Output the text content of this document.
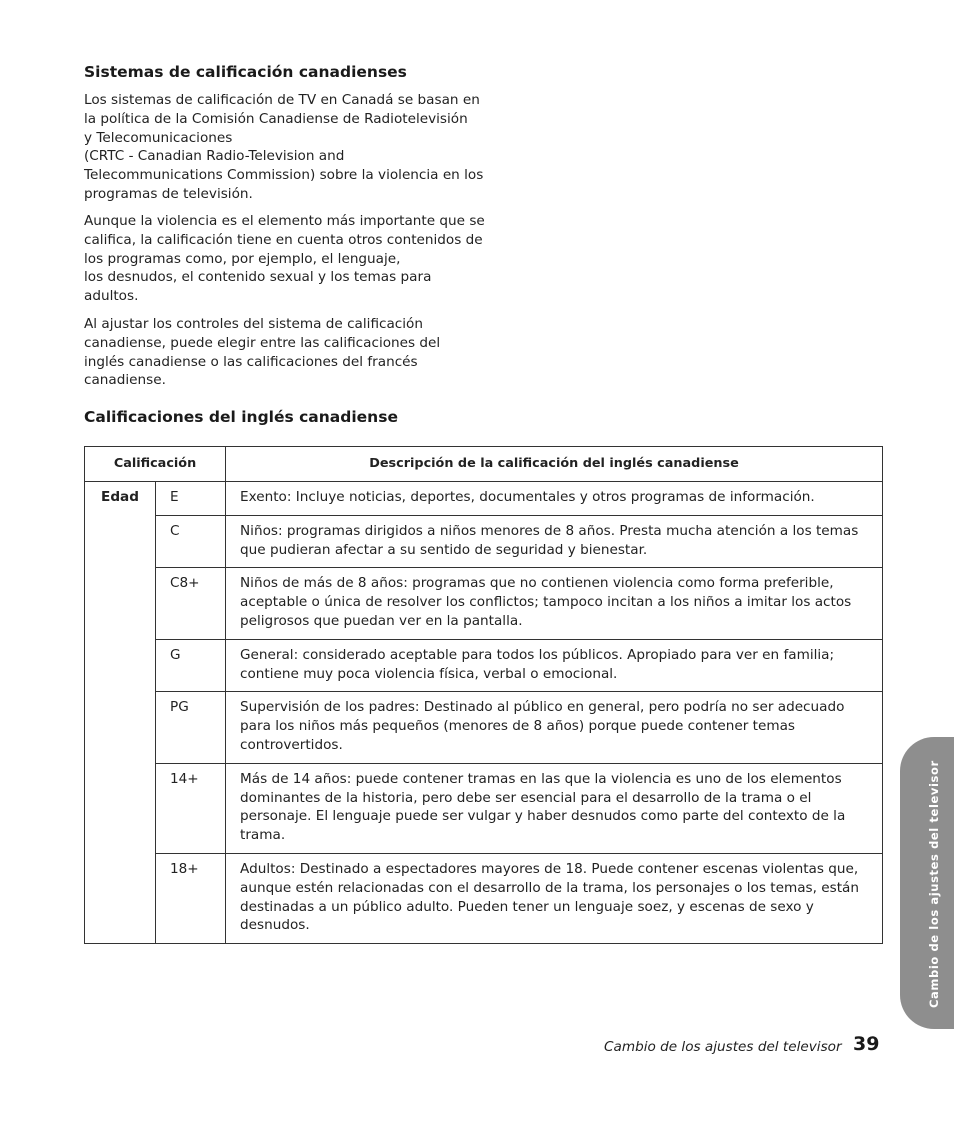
Sistemas de calificación canadienses

Los sistemas de calificación de TV en Canadá se basan en
la política de la Comisión Canadiense de Radiotelevisión
y Telecomunicaciones
(CRTC - Canadian Radio-Television and
Telecommunications Commission) sobre la violencia en los
programas de televisión.

Aunque la violencia es el elemento más importante que se
califica, la calificación tiene en cuenta otros contenidos de
los programas como, por ejemplo, el lenguaje,
los desnudos, el contenido sexual y los temas para
adultos.

Al ajustar los controles del sistema de calificación
canadiense, puede elegir entre las calificaciones del
inglés canadiense o las calificaciones del francés
canadiense.

Calificaciones del inglés canadiense
Calificación		Descripción de la calificación del inglés canadiense
Edad	E	Exento: Incluye noticias, deportes, documentales y otros programas de información.

	C	Niños: programas dirigidos a niños menores de 8 años. Presta mucha atención a los temas
que pudieran afectar a su sentido de seguridad y bienestar.

	C8+	Niños de más de 8 años: programas que no contienen violencia como forma preferible,
aceptable o única de resolver los conflictos; tampoco incitan a los niños a imitar los actos
peligrosos que puedan ver en la pantalla.

	G	General: considerado aceptable para todos los públicos. Apropiado para ver en familia;
contiene muy poca violencia física, verbal o emocional.

	PG	Supervisión de los padres: Destinado al público en general, pero podría no ser adecuado
para los niños más pequeños (menores de 8 años) porque puede contener temas
controvertidos.

	14+	Más de 14 años: puede contener tramas en las que la violencia es uno de los elementos
dominantes de la historia, pero debe ser esencial para el desarrollo de la trama o el
personaje. El lenguaje puede ser vulgar y haber desnudos como parte del contexto de la
trama.

	18+	Adultos: Destinado a espectadores mayores de 18. Puede contener escenas violentas que,
aunque estén relacionadas con el desarrollo de la trama, los personajes o los temas, están
destinadas a un público adulto. Pueden tener un lenguaje soez, y escenas de sexo y
desnudos.	Cambio de los ajustes del televisor
Cambio de los ajustes del televisor 39
